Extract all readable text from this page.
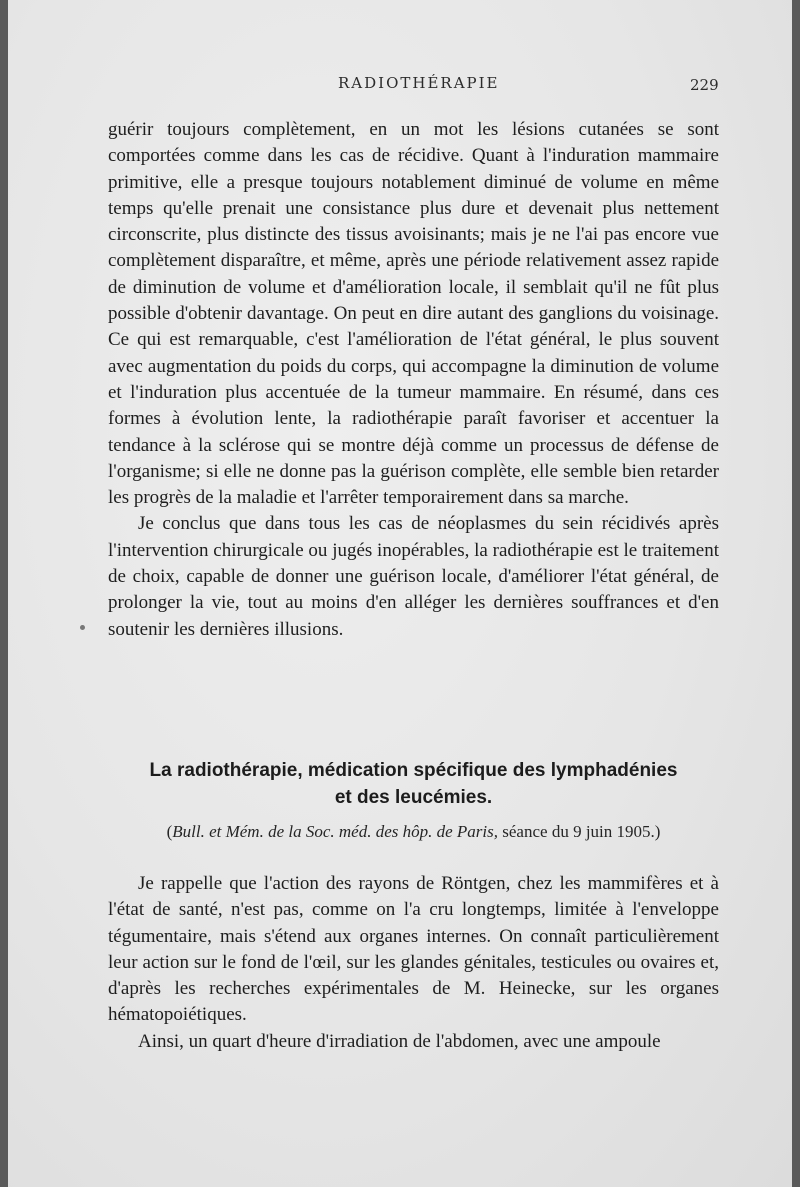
RADIOTHÉRAPIE	229

guérir toujours complètement, en un mot les lésions cutanées se sont comportées comme dans les cas de récidive. Quant à l'induration mammaire primitive, elle a presque toujours notablement diminué de volume en même temps qu'elle prenait une consistance plus dure et devenait plus nettement circonscrite, plus distincte des tissus avoisinants; mais je ne l'ai pas encore vue complètement disparaître, et même, après une période relativement assez rapide de diminution de volume et d'amélioration locale, il semblait qu'il ne fût plus possible d'obtenir davantage. On peut en dire autant des ganglions du voisinage. Ce qui est remarquable, c'est l'amélioration de l'état général, le plus souvent avec augmentation du poids du corps, qui accompagne la diminution de volume et l'induration plus accentuée de la tumeur mammaire. En résumé, dans ces formes à évolution lente, la radiothérapie paraît favoriser et accentuer la tendance à la sclérose qui se montre déjà comme un processus de défense de l'organisme; si elle ne donne pas la guérison complète, elle semble bien retarder les progrès de la maladie et l'arrêter temporairement dans sa marche.

Je conclus que dans tous les cas de néoplasmes du sein récidivés après l'intervention chirurgicale ou jugés inopérables, la radiothérapie est le traitement de choix, capable de donner une guérison locale, d'améliorer l'état général, de prolonger la vie, tout au moins d'en alléger les dernières souffrances et d'en soutenir les dernières illusions.

La radiothérapie, médication spécifique des lymphadénies
et des leucémies.
(Bull. et Mém. de la Soc. méd. des hôp. de Paris, séance du 9 juin 1905.)

Je rappelle que l'action des rayons de Röntgen, chez les mammifères et à l'état de santé, n'est pas, comme on l'a cru longtemps, limitée à l'enveloppe tégumentaire, mais s'étend aux organes internes. On connaît particulièrement leur action sur le fond de l'œil, sur les glandes génitales, testicules ou ovaires et, d'après les recherches expérimentales de M. Heinecke, sur les organes hématopoiétiques.

Ainsi, un quart d'heure d'irradiation de l'abdomen, avec une ampoule
